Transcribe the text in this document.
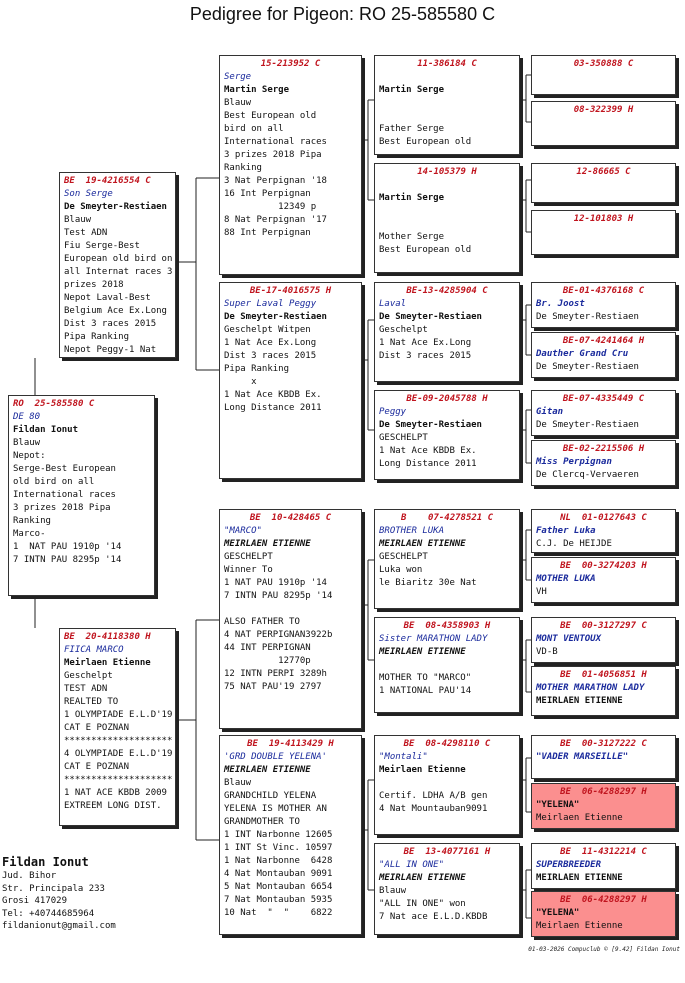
Pedigree for Pigeon: RO 25-585580 C
RO  25-585580 C
DE 80
Fildan Ionut
Blauw
Nepot:
Serge-Best European
old bird on all
International races
3 prizes 2018 Pipa
Ranking
Marco-
1  NAT PAU 1910p '14
7 INTN PAU 8295p '14
BE  19-4216554 C
Son Serge
De Smeyter-Restiaen
Blauw
Test ADN
Fiu Serge-Best
European old bird on
all Internat races 3
prizes 2018
Nepot Laval-Best
Belgium Ace Ex.Long
Dist 3 races 2015
Pipa Ranking
Nepot Peggy-1 Nat
BE  20-4118380 H
FIICA MARCO
Meirlaen Etienne
Geschelpt
TEST ADN
REALTED TO
1 OLYMPIADE E.L.D'19
CAT E POZNAN
********************
4 OLYMPIADE E.L.D'19
CAT E POZNAN
********************
1 NAT ACE KBDB 2009
EXTREEM LONG DIST.
15-213952 C
Serge
Martin Serge
Blauw
Best European old
bird on all
International races
3 prizes 2018 Pipa
Ranking
3 Nat Perpignan '18
16 Int Perpignan
12349 p
8 Nat Perpignan '17
88 Int Perpignan
BE-17-4016575 H
Super Laval Peggy
De Smeyter-Restiaen
Geschelpt Witpen
1 Nat Ace Ex.Long
Dist 3 races 2015
Pipa Ranking
x
1 Nat Ace KBDB Ex.
Long Distance 2011
BE  10-428465 C
"MARCO"
MEIRLAEN ETIENNE
GESCHELPT
Winner To
1 NAT PAU 1910p '14
7 INTN PAU 8295p '14
ALSO FATHER TO
4 NAT PERPIGNAN3922b
44 INT PERPIGNAN
12770p
12 INTN PERPI 3289h
75 NAT PAU'19 2797
BE  19-4113429 H
'GRD DOUBLE YELENA'
MEIRLAEN ETIENNE
Blauw
GRANDCHILD YELENA
YELENA IS MOTHER AN
GRANDMOTHER TO
1 INT Narbonne 12605
1 INT St Vinc. 10597
1 Nat Narbonne  6428
4 Nat Montauban 9091
5 Nat Montauban 6654
7 Nat Montauban 5935
10 Nat  "  "    6822
11-386184 C
Martin Serge
Father Serge
Best European old
14-105379 H
Martin Serge
Mother Serge
Best European old
BE-13-4285904 C
Laval
De Smeyter-Restiaen
Geschelpt
1 Nat Ace Ex.Long
Dist 3 races 2015
BE-09-2045788 H
Peggy
De Smeyter-Restiaen
GESCHELPT
1 Nat Ace KBDB Ex.
Long Distance 2011
B    07-4278521 C
BROTHER LUKA
MEIRLAEN ETIENNE
GESCHELPT
Luka won
le Biaritz 30e Nat
BE  08-4358903 H
Sister MARATHON LADY
MEIRLAEN ETIENNE
MOTHER TO "MARCO"
1 NATIONAL PAU'14
BE  08-4298110 C
"Montali"
Meirlaen Etienne
Certif. LDHA A/B gen
4 Nat Mountauban9091
BE  13-4077161 H
"ALL IN ONE"
MEIRLAEN ETIENNE
Blauw
"ALL IN ONE" won
7 Nat ace E.L.D.KBDB
03-350888 C
08-322399 H
12-86665 C
12-101803 H
BE-01-4376168 C
Br. Joost
De Smeyter-Restiaen
BE-07-4241464 H
Dauther Grand Cru
De Smeyter-Restiaen
BE-07-4335449 C
Gitan
De Smeyter-Restiaen
BE-02-2215506 H
Miss Perpignan
De Clercq-Vervaeren
NL  01-0127643 C
Father Luka
C.J. De HEIJDE
BE  00-3274203 H
MOTHER LUKA
VH
BE  00-3127297 C
MONT VENTOUX
VD-B
BE  01-4056851 H
MOTHER MARATHON LADY
MEIRLAEN ETIENNE
BE  00-3127222 C
"VADER MARSEILLE"
BE  06-4288297 H
"YELENA"
Meirlaen Etienne
BE  11-4312214 C
SUPERBREEDER
MEIRLAEN ETIENNE
BE  06-4288297 H
"YELENA"
Meirlaen Etienne
Fildan Ionut
Jud. Bihor
Str. Principala 233
Grosi 417029
Tel: +40744685964
fildanionut@gmail.com
01-03-2026 Compuclub © [9.42] Fildan Ionut
